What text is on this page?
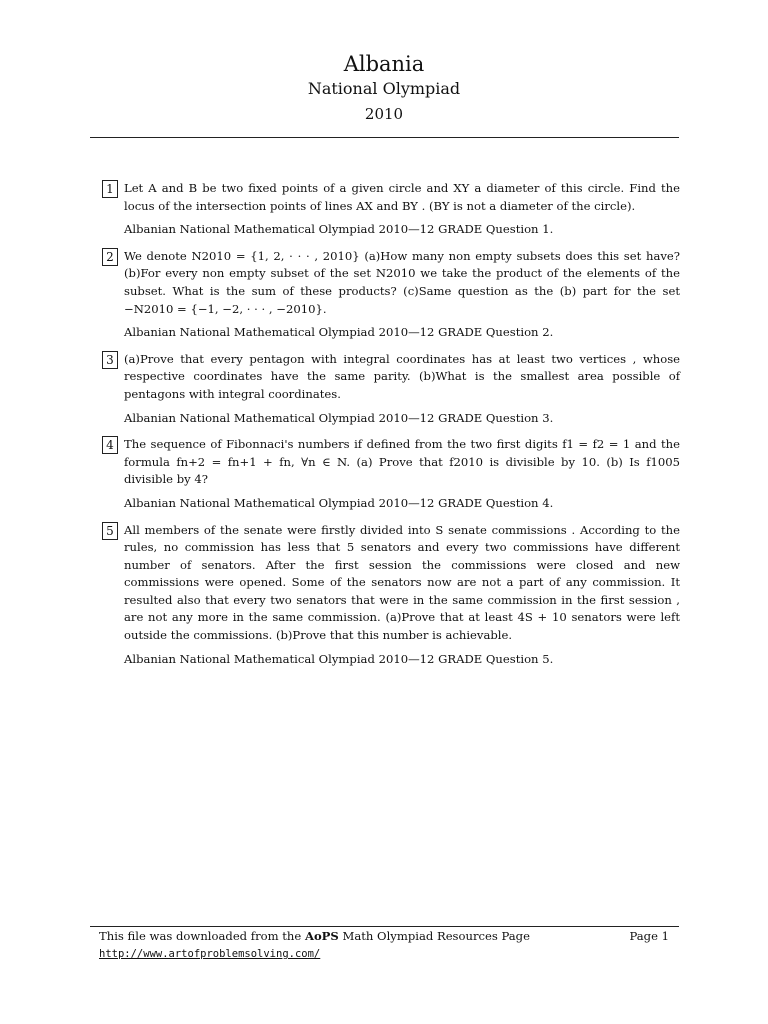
Albania
National Olympiad
2010
1 Let A and B be two fixed points of a given circle and XY a diameter of this circle. Find the locus of the intersection points of lines AX and BY . (BY is not a diameter of the circle).
Albanian National Mathematical Olympiad 2010—12 GRADE Question 1.
2 We denote N2010 = {1, 2, · · · , 2010} (a)How many non empty subsets does this set have? (b)For every non empty subset of the set N2010 we take the product of the elements of the subset. What is the sum of these products? (c)Same question as the (b) part for the set −N2010 = {−1, −2, · · · , −2010}.
Albanian National Mathematical Olympiad 2010—12 GRADE Question 2.
3 (a)Prove that every pentagon with integral coordinates has at least two vertices , whose respective coordinates have the same parity. (b)What is the smallest area possible of pentagons with integral coordinates.
Albanian National Mathematical Olympiad 2010—12 GRADE Question 3.
4 The sequence of Fibonnaci's numbers if defined from the two first digits f1 = f2 = 1 and the formula fn+2 = fn+1 + fn, ∀n ∈ N. (a) Prove that f2010 is divisible by 10. (b) Is f1005 divisible by 4?
Albanian National Mathematical Olympiad 2010—12 GRADE Question 4.
5 All members of the senate were firstly divided into S senate commissions . According to the rules, no commission has less that 5 senators and every two commissions have different number of senators. After the first session the commissions were closed and new commissions were opened. Some of the senators now are not a part of any commission. It resulted also that every two senators that were in the same commission in the first session , are not any more in the same commission. (a)Prove that at least 4S + 10 senators were left outside the commissions. (b)Prove that this number is achievable.
Albanian National Mathematical Olympiad 2010—12 GRADE Question 5.
This file was downloaded from the AoPS Math Olympiad Resources Page	Page 1
http://www.artofproblemsolving.com/
